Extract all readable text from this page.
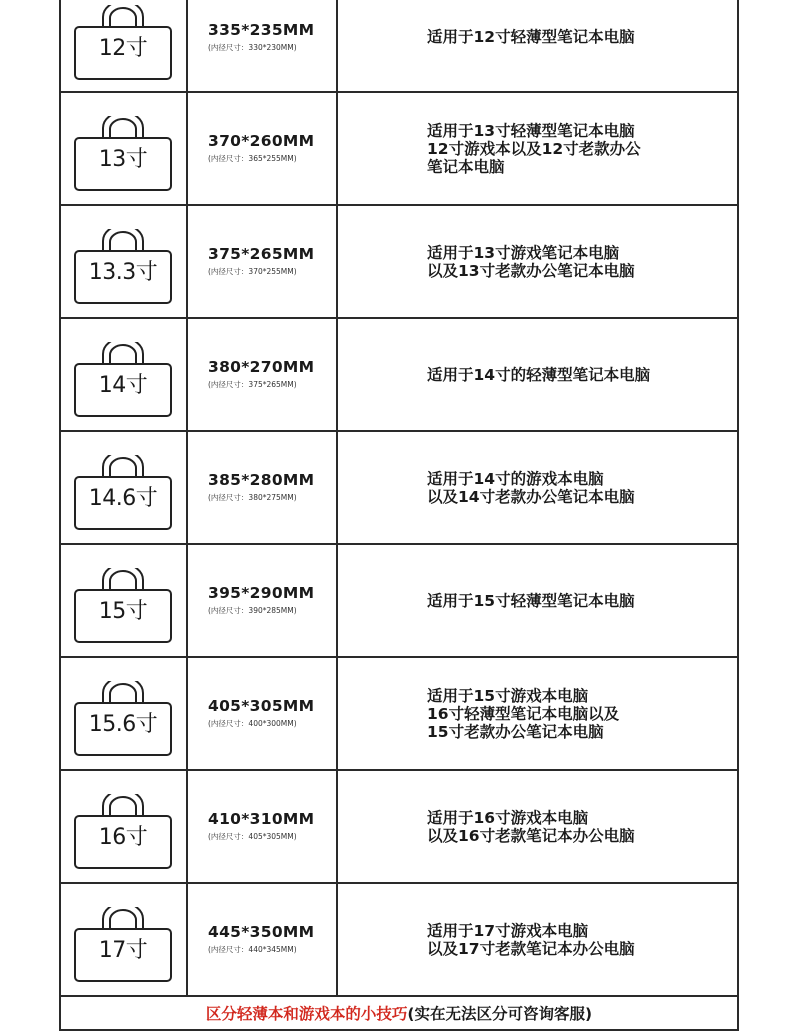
12寸
335*235MM
(内径尺寸：330*230MM)
适用于12寸轻薄型笔记本电脑
13寸
370*260MM
(内径尺寸：365*255MM)
适用于13寸轻薄型笔记本电脑
12寸游戏本以及12寸老款办公
笔记本电脑
13.3寸
375*265MM
(内径尺寸：370*255MM)
适用于13寸游戏笔记本电脑
以及13寸老款办公笔记本电脑
14寸
380*270MM
(内径尺寸：375*265MM)
适用于14寸的轻薄型笔记本电脑
14.6寸
385*280MM
(内径尺寸：380*275MM)
适用于14寸的游戏本电脑
以及14寸老款办公笔记本电脑
15寸
395*290MM
(内径尺寸：390*285MM)
适用于15寸轻薄型笔记本电脑
15.6寸
405*305MM
(内径尺寸：400*300MM)
适用于15寸游戏本电脑
16寸轻薄型笔记本电脑以及
15寸老款办公笔记本电脑
16寸
410*310MM
(内径尺寸：405*305MM)
适用于16寸游戏本电脑
以及16寸老款笔记本办公电脑
17寸
445*350MM
(内径尺寸：440*345MM)
适用于17寸游戏本电脑
以及17寸老款笔记本办公电脑
区分轻薄本和游戏本的小技巧(实在无法区分可咨询客服)
